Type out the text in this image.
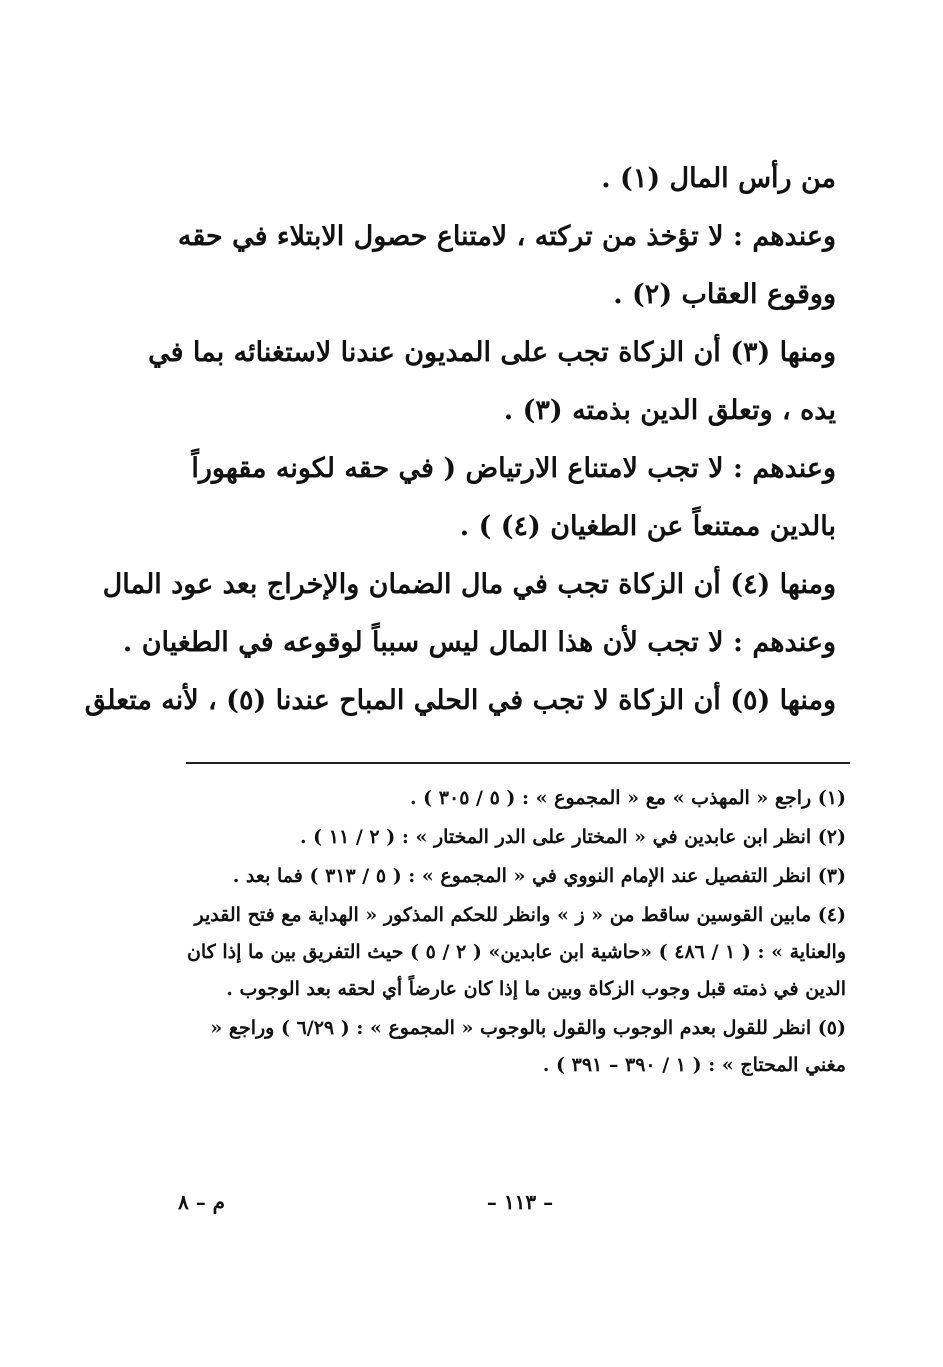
من رأس المال (١) .
وعندهم : لا تؤخذ من تركته ، لامتناع حصول الابتلاء في حقه
ووقوع العقاب (٢) .
ومنها (٣) أن الزكاة تجب على المديون عندنا لاستغنائه بما في
يده ، وتعلق الدين بذمته (٣) .
وعندهم : لا تجب لامتناع الارتياض ( في حقه لكونه مقهوراً
بالدين ممتنعاً عن الطغيان (٤) ) .
ومنها (٤) أن الزكاة تجب في مال الضمان والإخراج بعد عود المال
وعندهم : لا تجب لأن هذا المال ليس سبباً لوقوعه في الطغيان .
ومنها (٥) أن الزكاة لا تجب في الحلي المباح عندنا (٥) ، لأنه متعلق
(١) راجع « المهذب » مع « المجموع » : ( ٥ / ٣٠٥ ) .
(٢) انظر ابن عابدين في « المختار على الدر المختار » : ( ٢ / ١١ ) .
(٣) انظر التفصيل عند الإمام النووي في « المجموع » : ( ٥ / ٣١٣ ) فما بعد .
(٤) مابين القوسين ساقط من « ز » وانظر للحكم المذكور « الهداية مع فتح القدير والعناية » : ( ١ / ٤٨٦ ) «حاشية ابن عابدين» ( ٢ / ٥ ) حيث التفريق بين ما إذا كان الدين في ذمته قبل وجوب الزكاة وبين ما إذا كان عارضاً أي لحقه بعد الوجوب .
(٥) انظر للقول بعدم الوجوب والقول بالوجوب « المجموع » : ( ٦/٢٩ ) وراجع « مغني المحتاج » : ( ١ / ٣٩٠ – ٣٩١ ) .
– ١١٣ –
م – ٨
